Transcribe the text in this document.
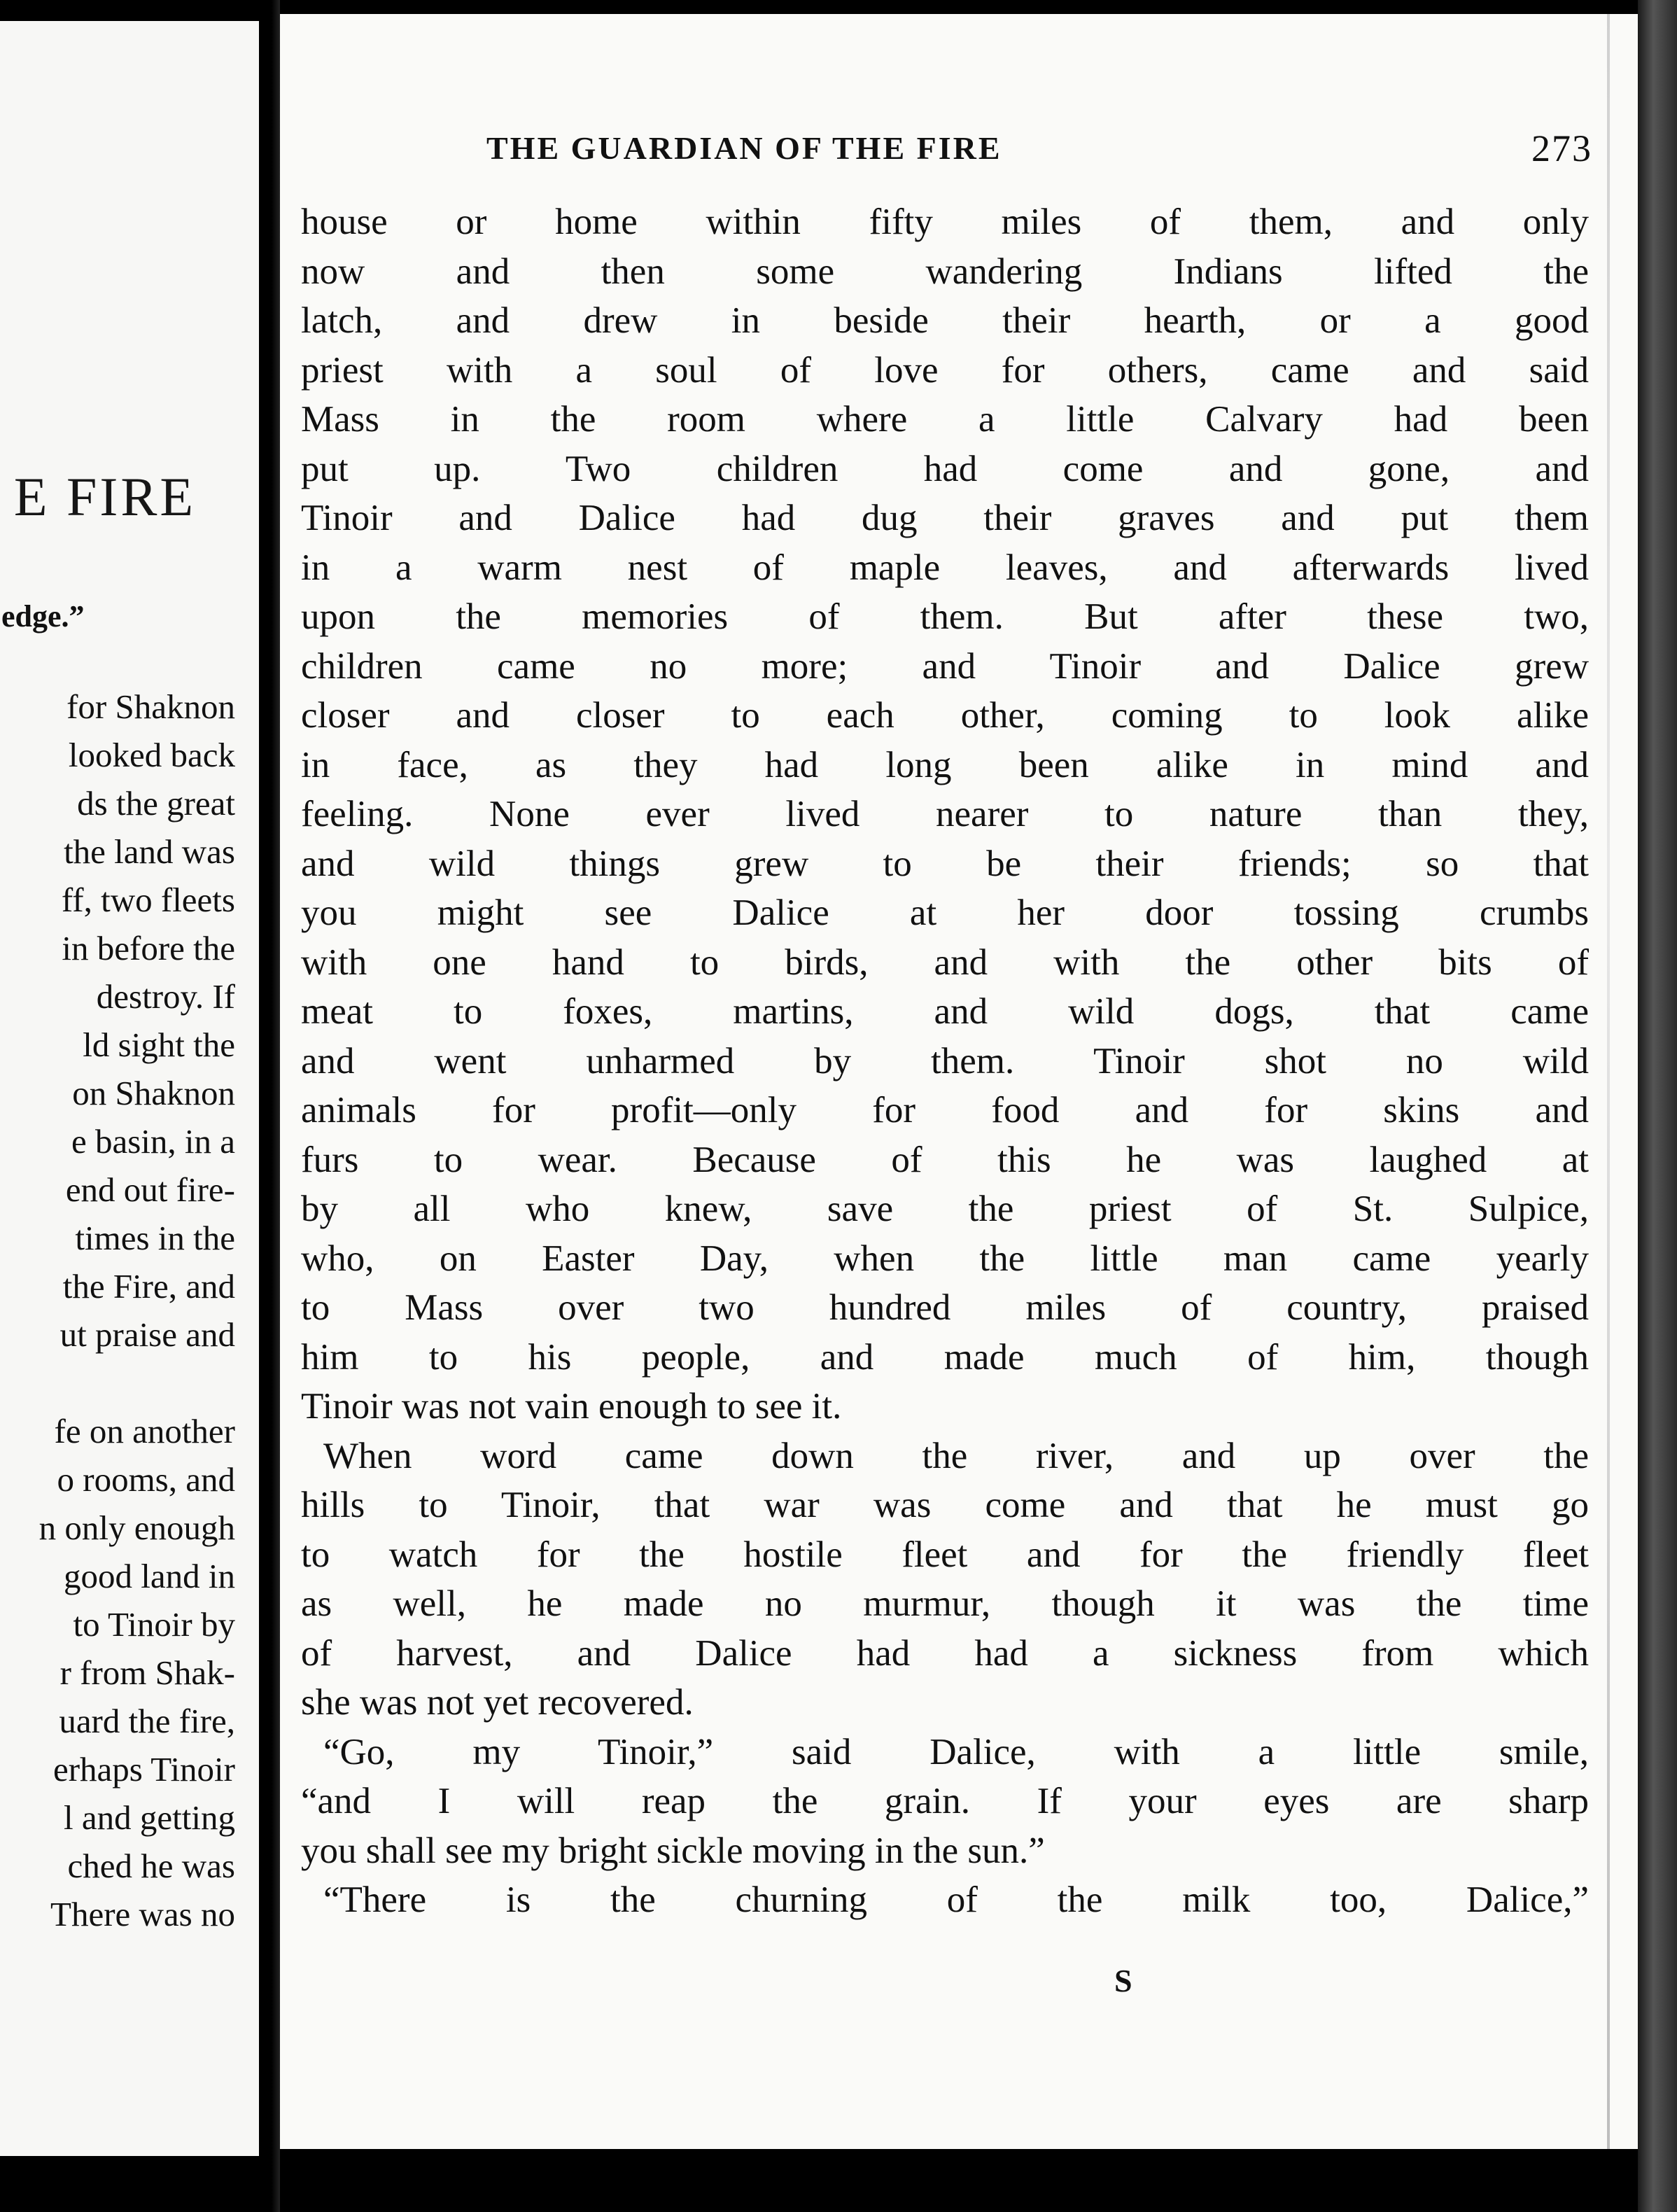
E FIRE
edge.”
for Shaknon
looked back
ds the great
the land was
ff, two fleets
in before the
destroy. If
ld sight the
on Shaknon
e basin, in a
end out fire-
times in the
the Fire, and
ut praise and
fe on another
o rooms, and
n only enough
good land in
to Tinoir by
r from Shak-
uard the fire,
erhaps Tinoir
l and getting
ched he was
There was no
THE GUARDIAN OF THE FIRE	273
house or home within fifty miles of them, and only
now and then some wandering Indians lifted the
latch, and drew in beside their hearth, or a good
priest with a soul of love for others, came and said
Mass in the room where a little Calvary had been
put up. Two children had come and gone, and
Tinoir and Dalice had dug their graves and put them
in a warm nest of maple leaves, and afterwards lived
upon the memories of them. But after these two,
children came no more; and Tinoir and Dalice grew
closer and closer to each other, coming to look alike
in face, as they had long been alike in mind and
feeling. None ever lived nearer to nature than they,
and wild things grew to be their friends; so that
you might see Dalice at her door tossing crumbs
with one hand to birds, and with the other bits of
meat to foxes, martins, and wild dogs, that came
and went unharmed by them. Tinoir shot no wild
animals for profit—only for food and for skins and
furs to wear. Because of this he was laughed at
by all who knew, save the priest of St. Sulpice,
who, on Easter Day, when the little man came yearly
to Mass over two hundred miles of country, praised
him to his people, and made much of him, though
Tinoir was not vain enough to see it.
When word came down the river, and up over the
hills to Tinoir, that war was come and that he must go
to watch for the hostile fleet and for the friendly fleet
as well, he made no murmur, though it was the time
of harvest, and Dalice had had a sickness from which
she was not yet recovered.
“Go, my Tinoir,” said Dalice, with a little smile,
“and I will reap the grain. If your eyes are sharp
you shall see my bright sickle moving in the sun.”
“There is the churning of the milk too, Dalice,”
S
